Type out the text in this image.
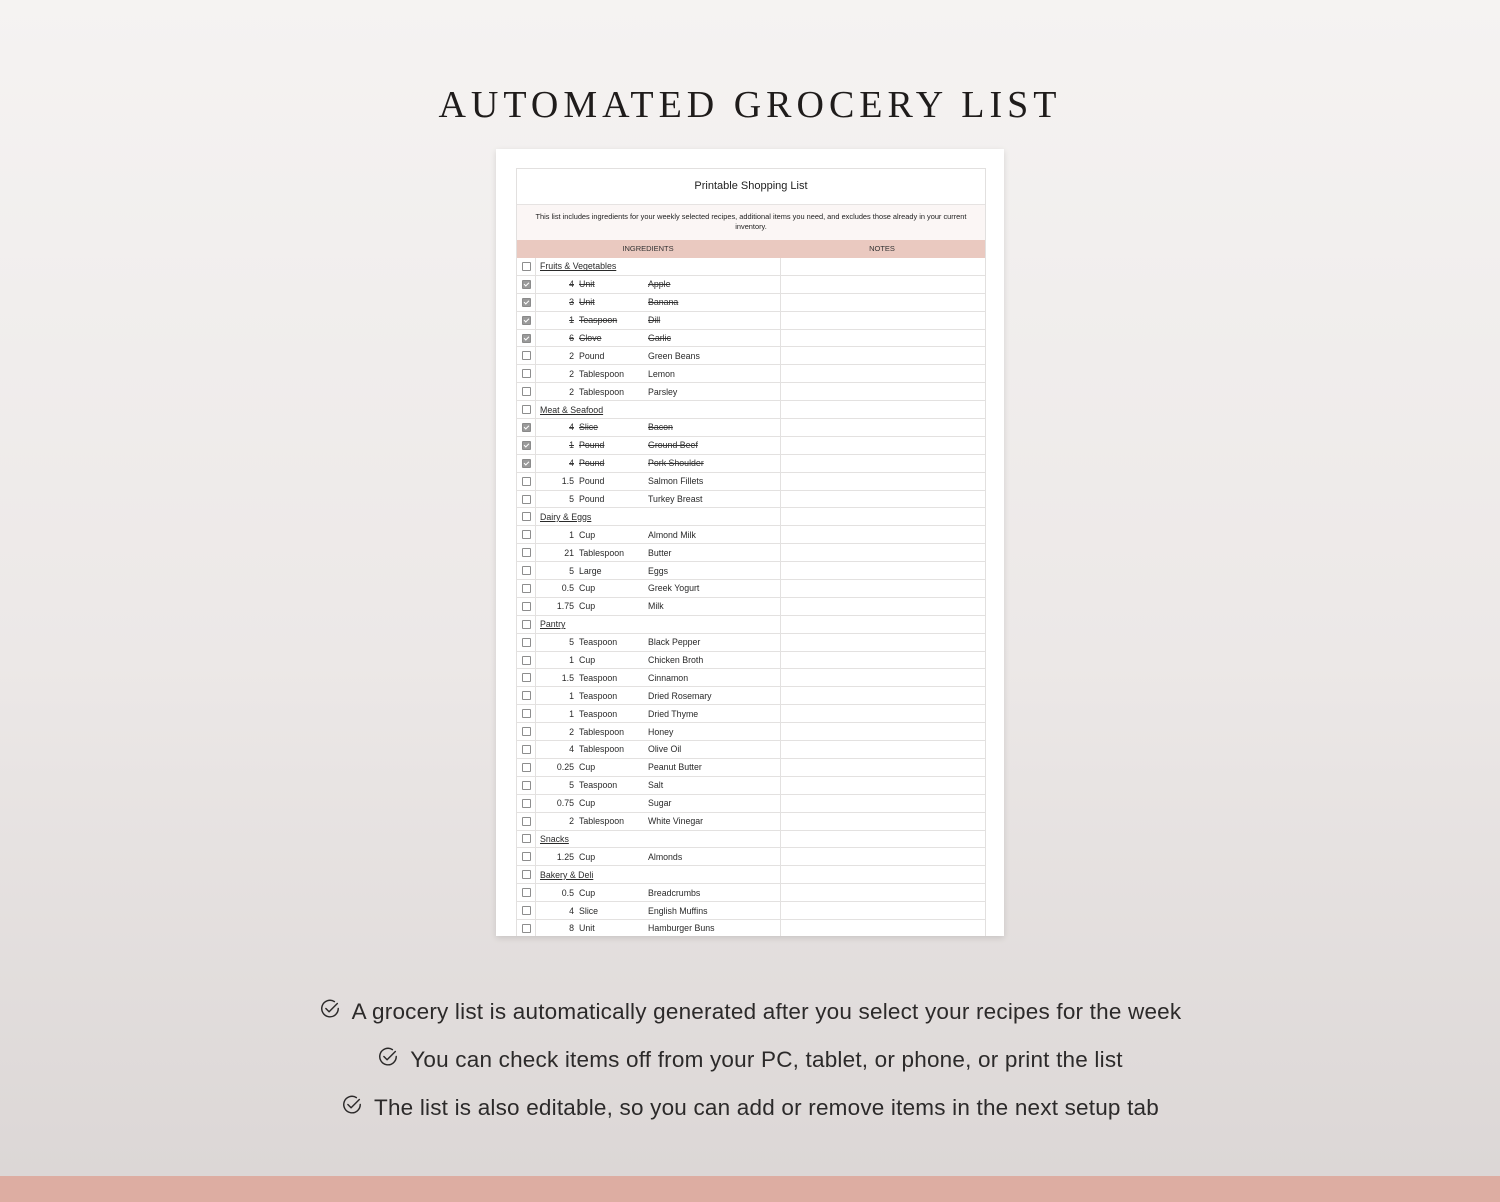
AUTOMATED GROCERY LIST
Printable Shopping List
This list includes ingredients for your weekly selected recipes, additional items you need, and excludes those already in your current inventory.
INGREDIENTS	NOTES
Fruits & Vegetables
4 Unit	Apple
3 Unit	Banana
1 Teaspoon	Dill
6 Clove	Garlic
2 Pound	Green Beans
2 Tablespoon	Lemon
2 Tablespoon	Parsley
Meat & Seafood
4 Slice	Bacon
1 Pound	Ground Beef
4 Pound	Pork Shoulder
1.5 Pound	Salmon Fillets
5 Pound	Turkey Breast
Dairy & Eggs
1 Cup	Almond Milk
21 Tablespoon	Butter
5 Large	Eggs
0.5 Cup	Greek Yogurt
1.75 Cup	Milk
Pantry
5 Teaspoon	Black Pepper
1 Cup	Chicken Broth
1.5 Teaspoon	Cinnamon
1 Teaspoon	Dried Rosemary
1 Teaspoon	Dried Thyme
2 Tablespoon	Honey
4 Tablespoon	Olive Oil
0.25 Cup	Peanut Butter
5 Teaspoon	Salt
0.75 Cup	Sugar
2 Tablespoon	White Vinegar
Snacks
1.25 Cup	Almonds
Bakery & Deli
0.5 Cup	Breadcrumbs
4 Slice	English Muffins
8 Unit	Hamburger Buns
A grocery list is automatically generated after you select your recipes for the week
You can check items off from your PC, tablet, or phone, or print the list
The list is also editable, so you can add or remove items in the next setup tab
